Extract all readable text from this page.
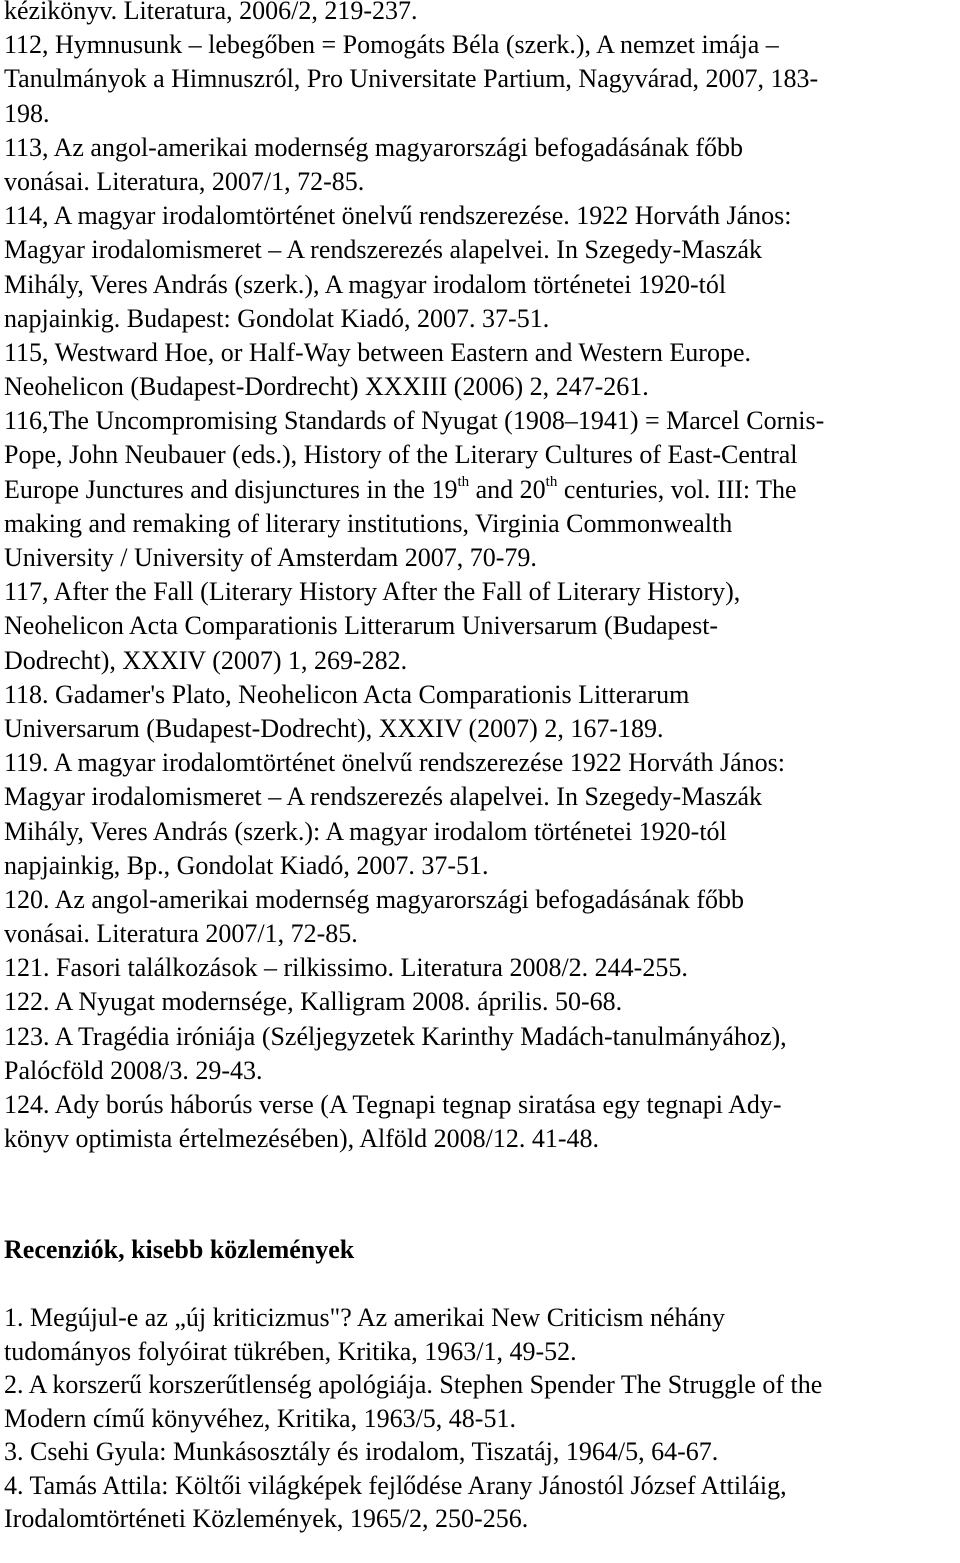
kézikönyv. Literatura, 2006/2, 219-237.
112, Hymnusunk – lebegőben = Pomogáts Béla (szerk.), A nemzet imája –
Tanulmányok a Himnuszról, Pro Universitate Partium, Nagyvárad, 2007, 183-
198.
113, Az angol-amerikai modernség magyarországi befogadásának főbb
vonásai. Literatura, 2007/1, 72-85.
114, A magyar irodalomtörténet önelvű rendszerezése. 1922 Horváth János:
Magyar irodalomismeret – A rendszerezés alapelvei. In Szegedy-Maszák
Mihály, Veres András (szerk.), A magyar irodalom történetei 1920-tól
napjainkig. Budapest: Gondolat Kiadó, 2007. 37-51.
115, Westward Hoe, or Half-Way between Eastern and Western Europe.
Neohelicon (Budapest-Dordrecht) XXXIII (2006) 2, 247-261.
116,The Uncompromising Standards of Nyugat (1908–1941) = Marcel Cornis-
Pope, John Neubauer (eds.), History of the Literary Cultures of East-Central
Europe Junctures and disjunctures in the 19th and 20th centuries, vol. III: The
making and remaking of literary institutions, Virginia Commonwealth
University / University of Amsterdam 2007, 70-79.
117, After the Fall (Literary History After the Fall of Literary History),
Neohelicon Acta Comparationis Litterarum Universarum (Budapest-
Dodrecht), XXXIV (2007) 1, 269-282.
118. Gadamer's Plato, Neohelicon Acta Comparationis Litterarum
Universarum (Budapest-Dodrecht), XXXIV (2007) 2, 167-189.
119. A magyar irodalomtörténet önelvű rendszerezése 1922 Horváth János:
Magyar irodalomismeret – A rendszerezés alapelvei. In Szegedy-Maszák
Mihály, Veres András (szerk.): A magyar irodalom történetei 1920-tól
napjainkig, Bp., Gondolat Kiadó, 2007. 37-51.
120. Az angol-amerikai modernség magyarországi befogadásának főbb
vonásai. Literatura 2007/1, 72-85.
121. Fasori találkozások – rilkissimo. Literatura 2008/2. 244-255.
122. A Nyugat modernsége, Kalligram 2008. április. 50-68.
123. A Tragédia iróniája (Széljegyzetek Karinthy Madách-tanulmányához),
Palócföld 2008/3. 29-43.
124. Ady borús háborús verse (A Tegnapi tegnap siratása egy tegnapi Ady-
könyv optimista értelmezésében), Alföld 2008/12. 41-48.
Recenziók, kisebb közlemények
1. Megújul-e az „új kriticizmus"? Az amerikai New Criticism néhány
tudományos folyóirat tükrében, Kritika, 1963/1, 49-52.
2. A korszerű korszerűtlenség apológiája. Stephen Spender The Struggle of the
Modern című könyvéhez, Kritika, 1963/5, 48-51.
3. Csehi Gyula: Munkásosztály és irodalom, Tiszatáj, 1964/5, 64-67.
4. Tamás Attila: Költői világképek fejlődése Arany Jánostól József Attiláig,
Irodalomtörténeti Közlemények, 1965/2, 250-256.
